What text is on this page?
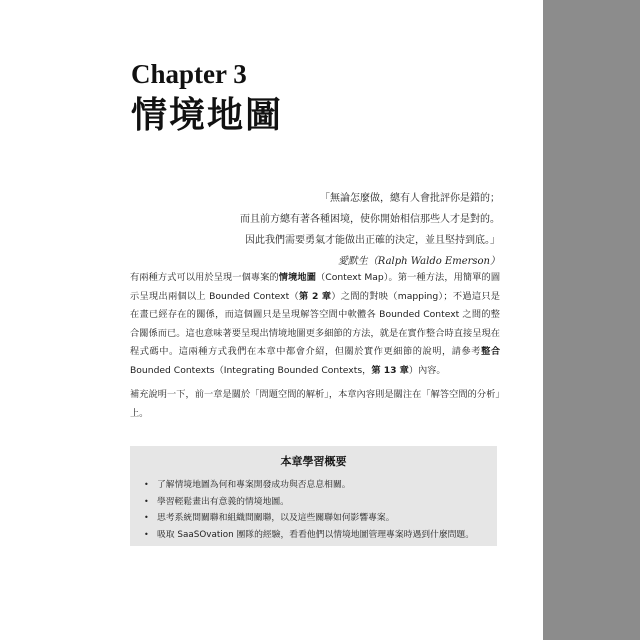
Chapter 3
情境地圖
「無論怎麼做，總有人會批評你是錯的；
而且前方總有著各種困境，使你開始相信那些人才是對的。
因此我們需要勇氣才能做出正確的決定，並且堅持到底。」
愛默生（Ralph Waldo Emerson）

有兩種方式可以用於呈現一個專案的情境地圖（Context Map）。第一種方法，用簡單的圖示呈現出兩個以上 Bounded Context（第 2 章）之間的對映（mapping）；不過這只是在畫已經存在的關係，而這個圖只是呈現解答空間中軟體各 Bounded Context 之間的整合關係而已。這也意味著要呈現出情境地圖更多細節的方法，就是在實作整合時直接呈現在程式碼中。這兩種方式我們在本章中都會介紹，但關於實作更細節的說明，請參考整合 Bounded Contexts（Integrating Bounded Contexts，第 13 章）內容。

補充說明一下，前一章是關於「問題空間的解析」，本章內容則是關注在「解答空間的分析」上。

本章學習概要
• 了解情境地圖為何和專案開發成功與否息息相關。
• 學習輕鬆畫出有意義的情境地圖。
• 思考系統間關聯和組織間關聯，以及這些關聯如何影響專案。
• 吸取 SaaSOvation 團隊的經驗，看看他們以情境地圖管理專案時遇到什麼問題。
